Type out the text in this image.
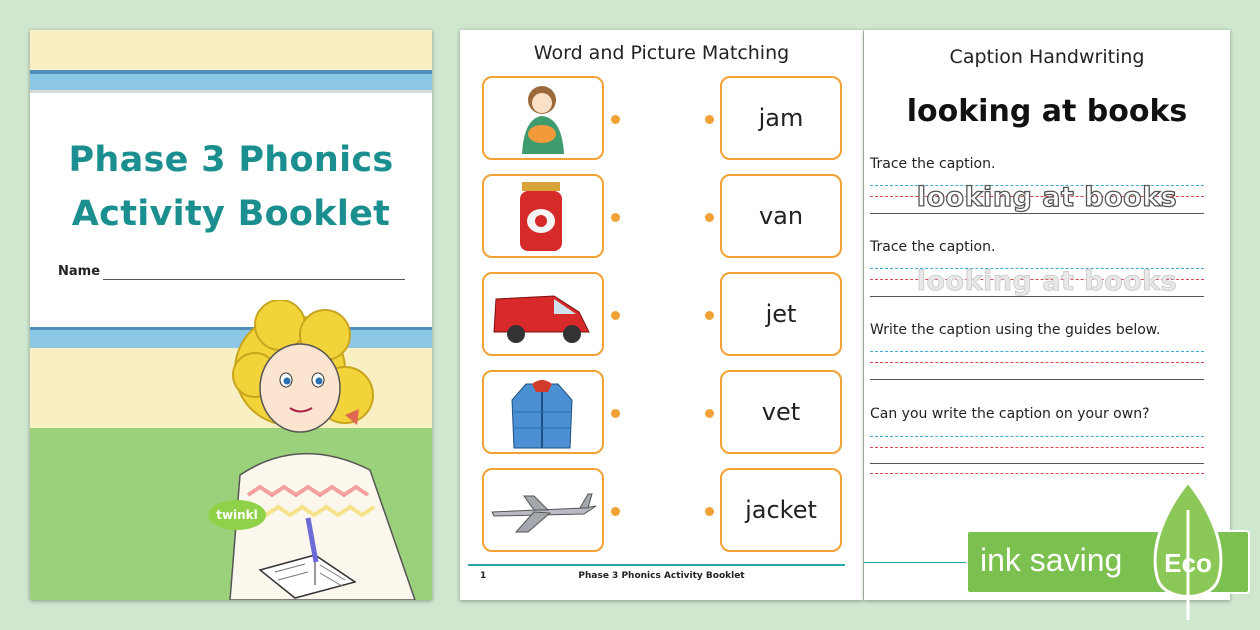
Phase 3 Phonics
Activity Booklet
Name
twinkl
Word and Picture Matching
jam
van
jet
vet
jacket
1	Phase 3 Phonics Activity Booklet
Caption Handwriting
looking at books
Trace the caption.
looking at books
Trace the caption.
looking at books
Write the caption using the guides below.
Can you write the caption on your own?
ink saving Eco
